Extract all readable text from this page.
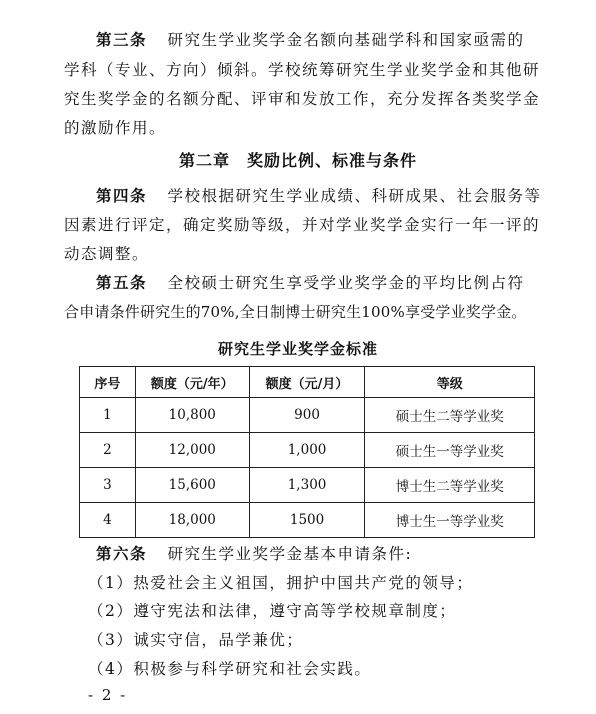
第三条 研究生学业奖学金名额向基础学科和国家亟需的
学科（专业、方向）倾斜。学校统筹研究生学业奖学金和其他研
究生奖学金的名额分配、评审和发放工作，充分发挥各类奖学金
的激励作用。
第二章　奖励比例、标准与条件
第四条 学校根据研究生学业成绩、科研成果、社会服务等
因素进行评定，确定奖励等级，并对学业奖学金实行一年一评的
动态调整。
第五条 全校硕士研究生享受学业奖学金的平均比例占符
合申请条件研究生的70%,全日制博士研究生100%享受学业奖学金。
研究生学业奖学金标准
序号	额度（元/年）	额度（元/月）	等级
1	10,800	900	硕士生二等学业奖
2	12,000	1,000	硕士生一等学业奖
3	15,600	1,300	博士生二等学业奖
4	18,000	1500	博士生一等学业奖
第六条 研究生学业奖学金基本申请条件:
（1）热爱社会主义祖国，拥护中国共产党的领导；
（2）遵守宪法和法律，遵守高等学校规章制度；
（3）诚实守信，品学兼优；
（4）积极参与科学研究和社会实践。
- 2 -
